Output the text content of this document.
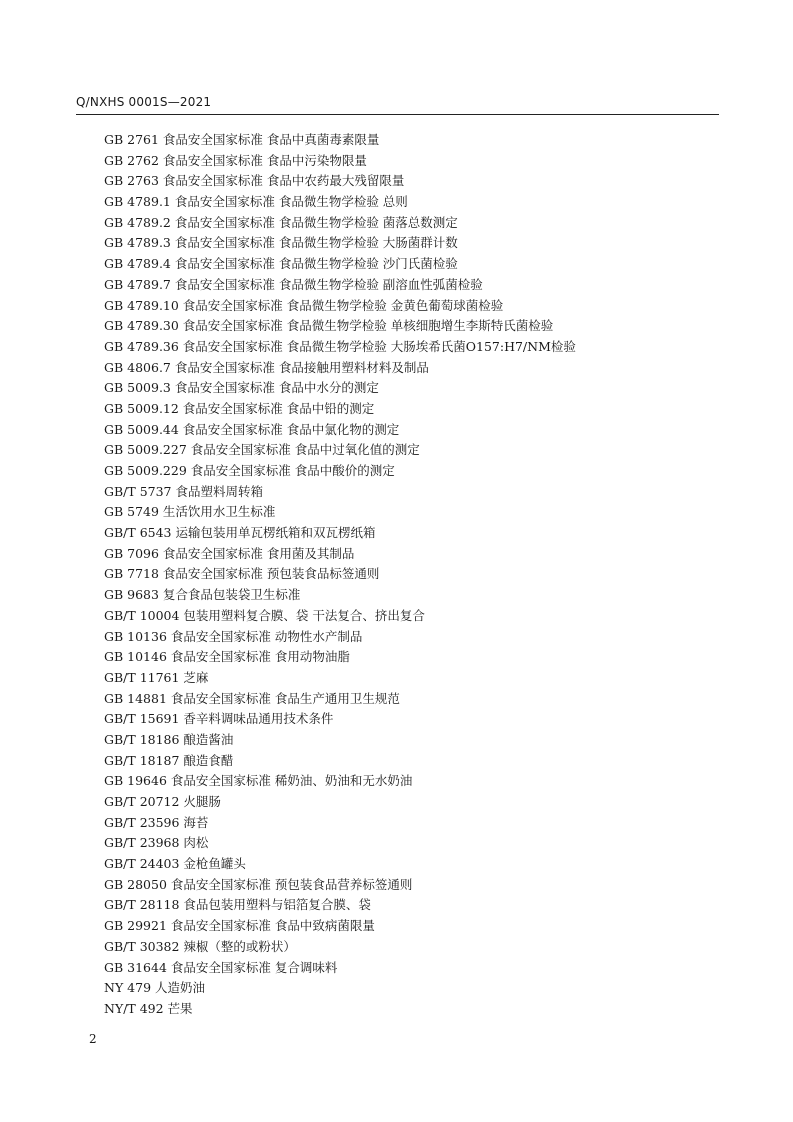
Q/NXHS 0001S—2021
GB 2761 食品安全国家标准 食品中真菌毒素限量
GB 2762 食品安全国家标准 食品中污染物限量
GB 2763 食品安全国家标准 食品中农药最大残留限量
GB 4789.1 食品安全国家标准 食品微生物学检验 总则
GB 4789.2 食品安全国家标准 食品微生物学检验 菌落总数测定
GB 4789.3 食品安全国家标准 食品微生物学检验 大肠菌群计数
GB 4789.4 食品安全国家标准 食品微生物学检验 沙门氏菌检验
GB 4789.7 食品安全国家标准 食品微生物学检验 副溶血性弧菌检验
GB 4789.10 食品安全国家标准 食品微生物学检验 金黄色葡萄球菌检验
GB 4789.30 食品安全国家标准 食品微生物学检验 单核细胞增生李斯特氏菌检验
GB 4789.36 食品安全国家标准 食品微生物学检验 大肠埃希氏菌O157:H7/NM检验
GB 4806.7 食品安全国家标准 食品接触用塑料材料及制品
GB 5009.3 食品安全国家标准 食品中水分的测定
GB 5009.12 食品安全国家标准 食品中铅的测定
GB 5009.44 食品安全国家标准 食品中氯化物的测定
GB 5009.227 食品安全国家标准 食品中过氧化值的测定
GB 5009.229 食品安全国家标准 食品中酸价的测定
GB/T 5737 食品塑料周转箱
GB 5749 生活饮用水卫生标准
GB/T 6543 运输包装用单瓦楞纸箱和双瓦楞纸箱
GB 7096 食品安全国家标准 食用菌及其制品
GB 7718 食品安全国家标准 预包装食品标签通则
GB 9683 复合食品包装袋卫生标准
GB/T 10004 包装用塑料复合膜、袋 干法复合、挤出复合
GB 10136 食品安全国家标准 动物性水产制品
GB 10146 食品安全国家标准 食用动物油脂
GB/T 11761 芝麻
GB 14881 食品安全国家标准 食品生产通用卫生规范
GB/T 15691 香辛料调味品通用技术条件
GB/T 18186 酿造酱油
GB/T 18187 酿造食醋
GB 19646 食品安全国家标准 稀奶油、奶油和无水奶油
GB/T 20712 火腿肠
GB/T 23596 海苔
GB/T 23968 肉松
GB/T 24403 金枪鱼罐头
GB 28050 食品安全国家标准 预包装食品营养标签通则
GB/T 28118 食品包装用塑料与铝箔复合膜、袋
GB 29921 食品安全国家标准 食品中致病菌限量
GB/T 30382 辣椒（整的或粉状）
GB 31644 食品安全国家标准 复合调味料
NY 479 人造奶油
NY/T 492 芒果
2
